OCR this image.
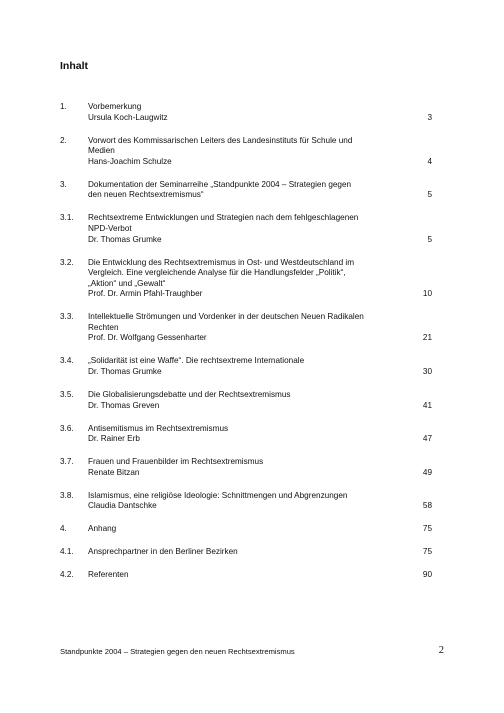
Inhalt
1.	Vorbemerkung
Ursula Koch-Laugwitz	3
2.	Vorwort des Kommissarischen Leiters des Landesinstituts für Schule und
Medien
Hans-Joachim Schulze	4
3.	Dokumentation der Seminarreihe „Standpunkte 2004 – Strategien gegen
den neuen Rechtsextremismus“	5
3.1.	Rechtsextreme Entwicklungen und Strategien nach dem fehlgeschlagenen
NPD-Verbot
Dr. Thomas Grumke	5
3.2.	Die Entwicklung des Rechtsextremismus in Ost- und Westdeutschland im
Vergleich. Eine vergleichende Analyse für die Handlungsfelder „Politik“,
„Aktion“ und „Gewalt“
Prof. Dr. Armin Pfahl-Traughber	10
3.3.	Intellektuelle Strömungen und Vordenker in der deutschen Neuen Radikalen
Rechten
Prof. Dr. Wolfgang Gessenharter	21
3.4.	„Solidarität ist eine Waffe“. Die rechtsextreme Internationale
Dr. Thomas Grumke	30
3.5.	Die Globalisierungsdebatte und der Rechtsextremismus
Dr. Thomas Greven	41
3.6.	Antisemitismus im Rechtsextremismus
Dr. Rainer Erb	47
3.7.	Frauen und Frauenbilder im Rechtsextremismus
Renate Bitzan	49
3.8.	Islamismus, eine religiöse Ideologie: Schnittmengen und Abgrenzungen
Claudia Dantschke	58
4.	Anhang	75
4.1.	Ansprechpartner in den Berliner Bezirken	75
4.2.	Referenten	90

Standpunkte 2004 – Strategien gegen den neuen Rechtsextremismus	2
